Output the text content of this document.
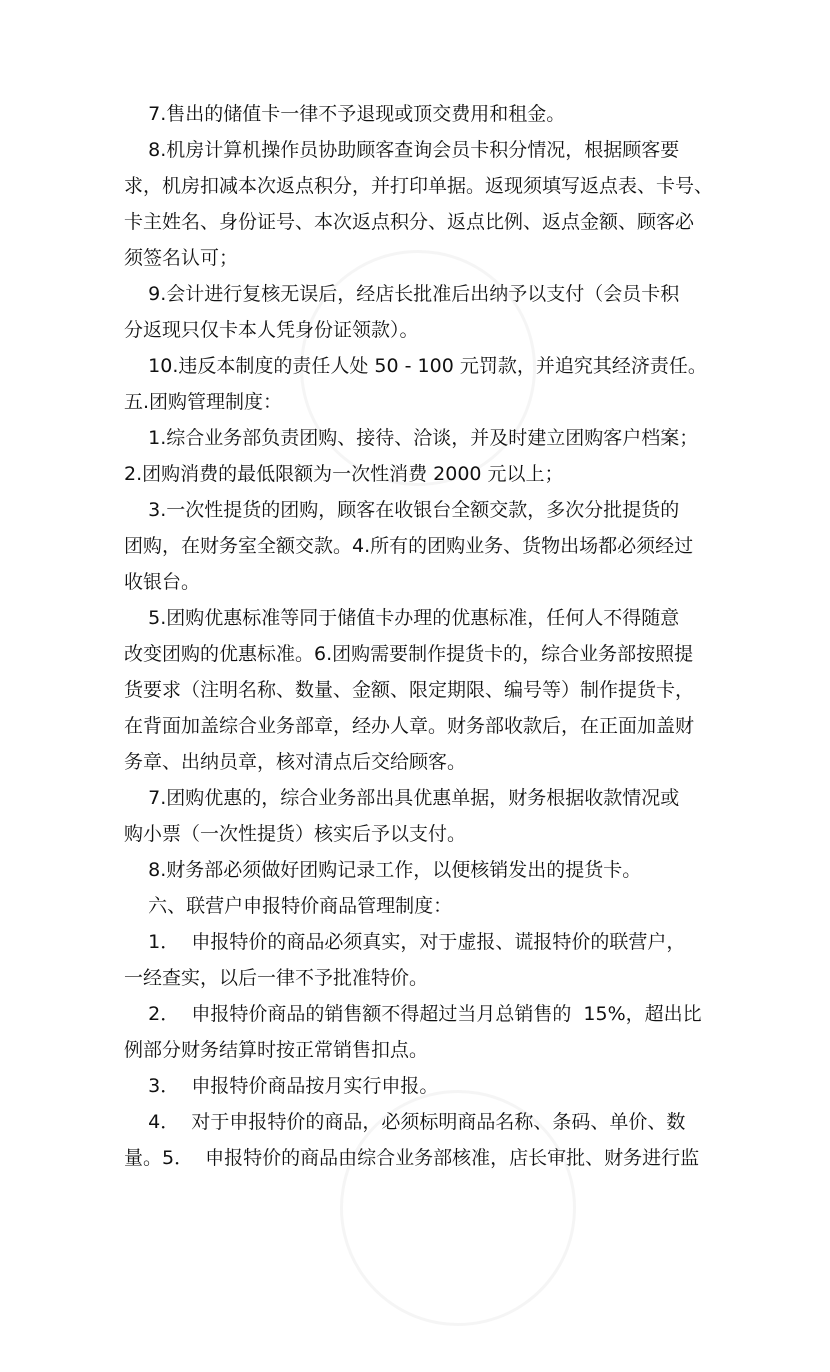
7.售出的储值卡一律不予退现或顶交费用和租金。

8.机房计算机操作员协助顾客查询会员卡积分情况，根据顾客要

求，机房扣减本次返点积分，并打印单据。返现须填写返点表、卡号、

卡主姓名、身份证号、本次返点积分、返点比例、返点金额、顾客必

须签名认可；

9.会计进行复核无误后，经店长批准后出纳予以支付（会员卡积

分返现只仅卡本人凭身份证领款）。

10.违反本制度的责任人处 50 - 100 元罚款，并追究其经济责任。

五.团购管理制度：

1.综合业务部负责团购、接待、洽谈，并及时建立团购客户档案；

2.团购消费的最低限额为一次性消费 2000 元以上；

3.一次性提货的团购，顾客在收银台全额交款，多次分批提货的

团购，在财务室全额交款。4.所有的团购业务、货物出场都必须经过

收银台。

5.团购优惠标准等同于储值卡办理的优惠标准，任何人不得随意

改变团购的优惠标准。6.团购需要制作提货卡的，综合业务部按照提

货要求（注明名称、数量、金额、限定期限、编号等）制作提货卡，

在背面加盖综合业务部章，经办人章。财务部收款后，在正面加盖财

务章、出纳员章，核对清点后交给顾客。

7.团购优惠的，综合业务部出具优惠单据，财务根据收款情况或

购小票（一次性提货）核实后予以支付。

8.财务部必须做好团购记录工作，以便核销发出的提货卡。

六、联营户申报特价商品管理制度：

1．  申报特价的商品必须真实，对于虚报、谎报特价的联营户，

一经查实，以后一律不予批准特价。

2．  申报特价商品的销售额不得超过当月总销售的  15%，超出比

例部分财务结算时按正常销售扣点。

3．  申报特价商品按月实行申报。

4．  对于申报特价的商品，必须标明商品名称、条码、单价、数

量。5．  申报特价的商品由综合业务部核准，店长审批、财务进行监
